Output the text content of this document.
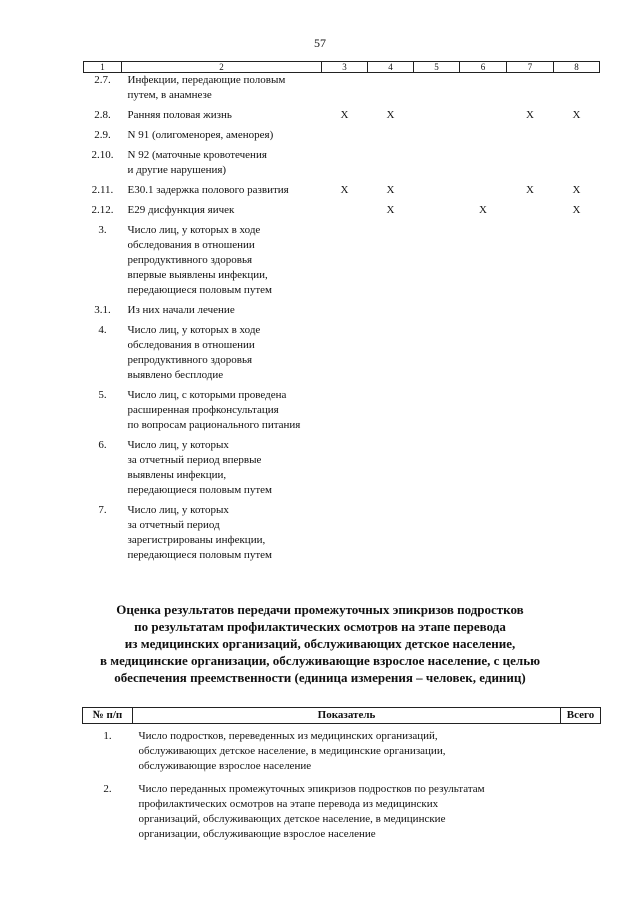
57
1	2	3	4	5	6	7	8
2.7.	Инфекции, передающие половым
путем, в анамнезе						

2.8.	Ранняя половая жизнь	X	X			X	X
2.9.	N 91 (олигоменорея, аменорея)						

2.10.	N 92 (маточные кровотечения
и другие нарушения)						

2.11.	E30.1 задержка полового развития	X	X			X	X
2.12.	E29 дисфункция яичек		X		X		X
3.	Число лиц, у которых в ходе
обследования в отношении
репродуктивного здоровья
впервые выявлены инфекции,
передающиеся половым путем						

3.1.	Из них начали лечение						

4.	Число лиц, у которых в ходе
обследования в отношении
репродуктивного здоровья
выявлено бесплодие						

5.	Число лиц, с которыми проведена
расширенная профконсультация
по вопросам рационального питания						

6.	Число лиц, у которых
за отчетный период впервые
выявлены инфекции,
передающиеся половым путем						

7.	Число лиц, у которых
за отчетный период
зарегистрированы инфекции,
передающиеся половым путем						

Оценка результатов передачи промежуточных эпикризов подростков
по результатам профилактических осмотров на этапе перевода
из медицинских организаций, обслуживающих детское население,
в медицинские организации, обслуживающие взрослое население, с целью
обеспечения преемственности (единица измерения – человек, единиц)
№ п/п	Показатель	Всего
1.	Число подростков, переведенных из медицинских организаций,
обслуживающих детское население, в медицинские организации,
обслуживающие взрослое население	

2.	Число переданных промежуточных эпикризов подростков по результатам
профилактических осмотров на этапе перевода из медицинских
организаций, обслуживающих детское население, в медицинские
организации, обслуживающие взрослое население	
